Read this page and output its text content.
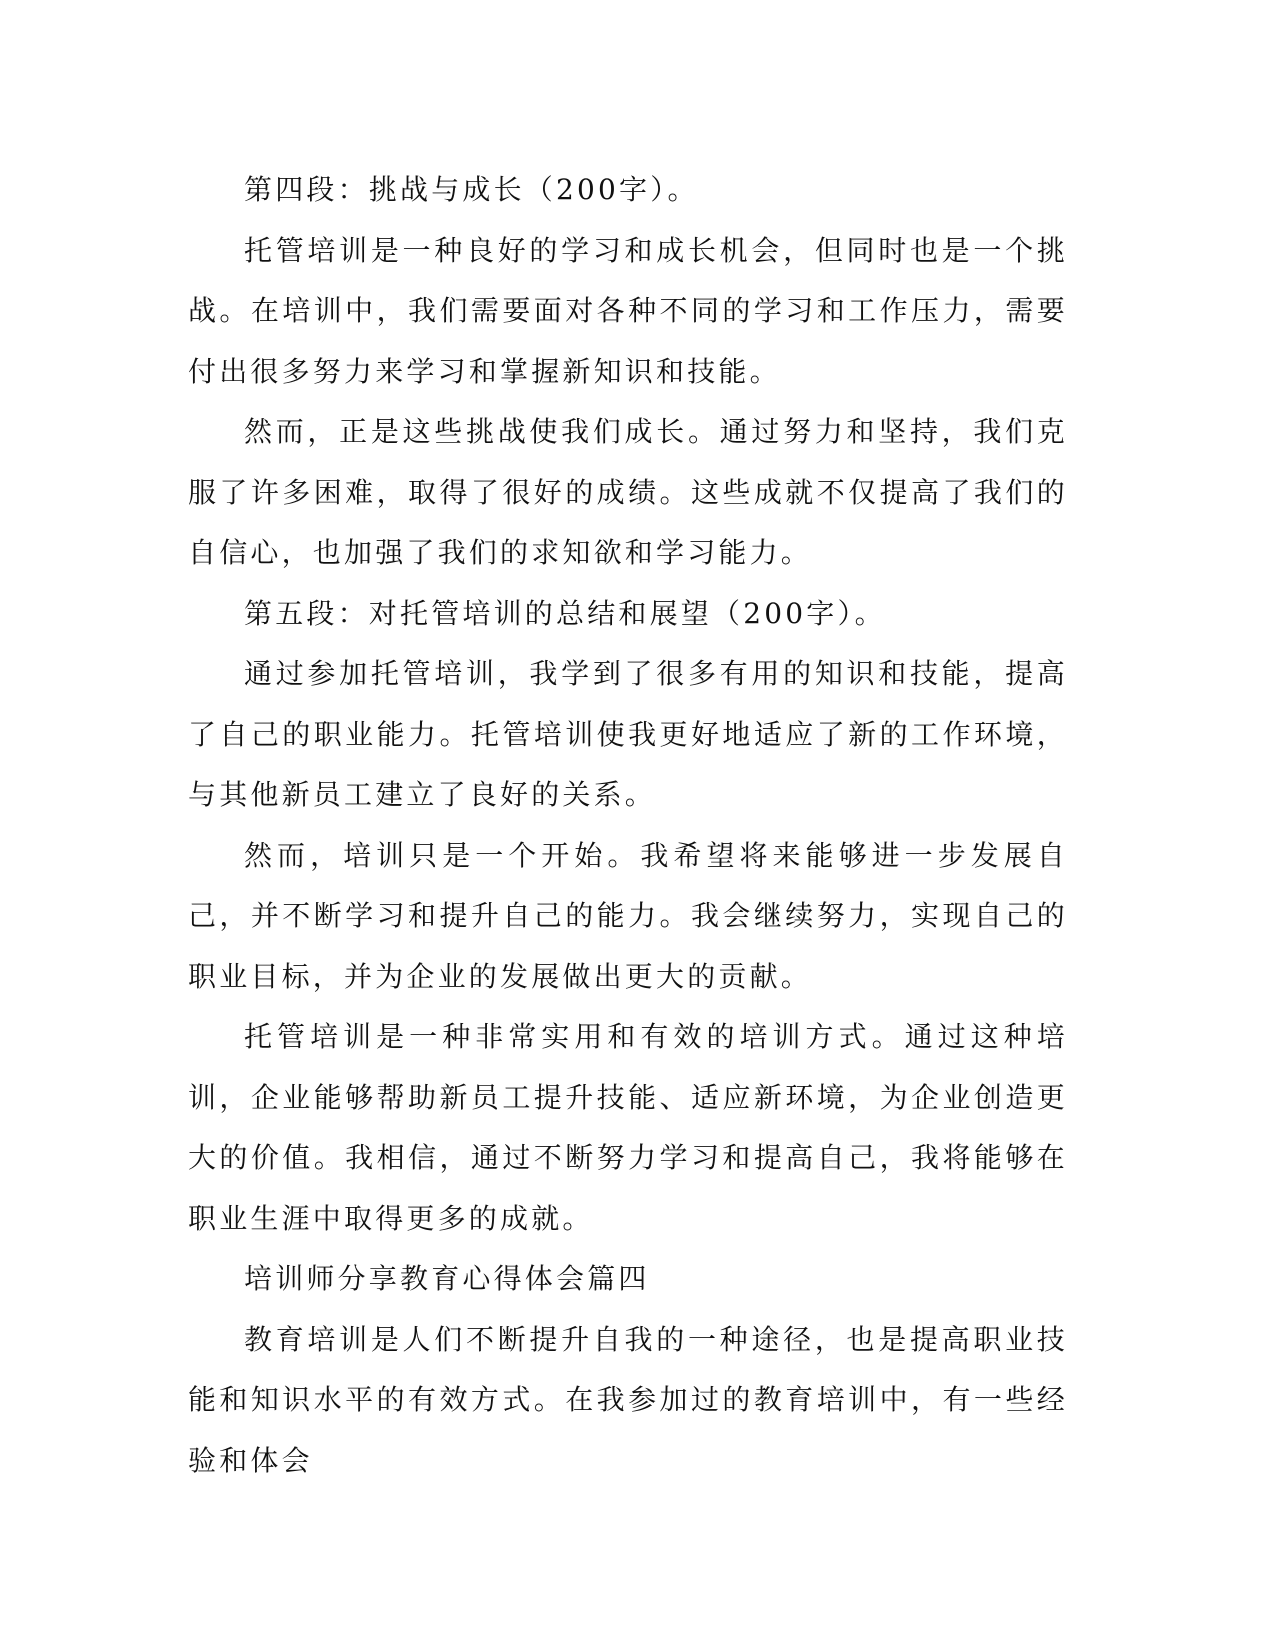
第四段：挑战与成长（200字）。

托管培训是一种良好的学习和成长机会，但同时也是一个挑战。在培训中，我们需要面对各种不同的学习和工作压力，需要付出很多努力来学习和掌握新知识和技能。

然而，正是这些挑战使我们成长。通过努力和坚持，我们克服了许多困难，取得了很好的成绩。这些成就不仅提高了我们的自信心，也加强了我们的求知欲和学习能力。

第五段：对托管培训的总结和展望（200字）。

通过参加托管培训，我学到了很多有用的知识和技能，提高了自己的职业能力。托管培训使我更好地适应了新的工作环境，与其他新员工建立了良好的关系。

然而，培训只是一个开始。我希望将来能够进一步发展自己，并不断学习和提升自己的能力。我会继续努力，实现自己的职业目标，并为企业的发展做出更大的贡献。

托管培训是一种非常实用和有效的培训方式。通过这种培训，企业能够帮助新员工提升技能、适应新环境，为企业创造更大的价值。我相信，通过不断努力学习和提高自己，我将能够在职业生涯中取得更多的成就。

培训师分享教育心得体会篇四

教育培训是人们不断提升自我的一种途径，也是提高职业技能和知识水平的有效方式。在我参加过的教育培训中，有一些经验和体会
